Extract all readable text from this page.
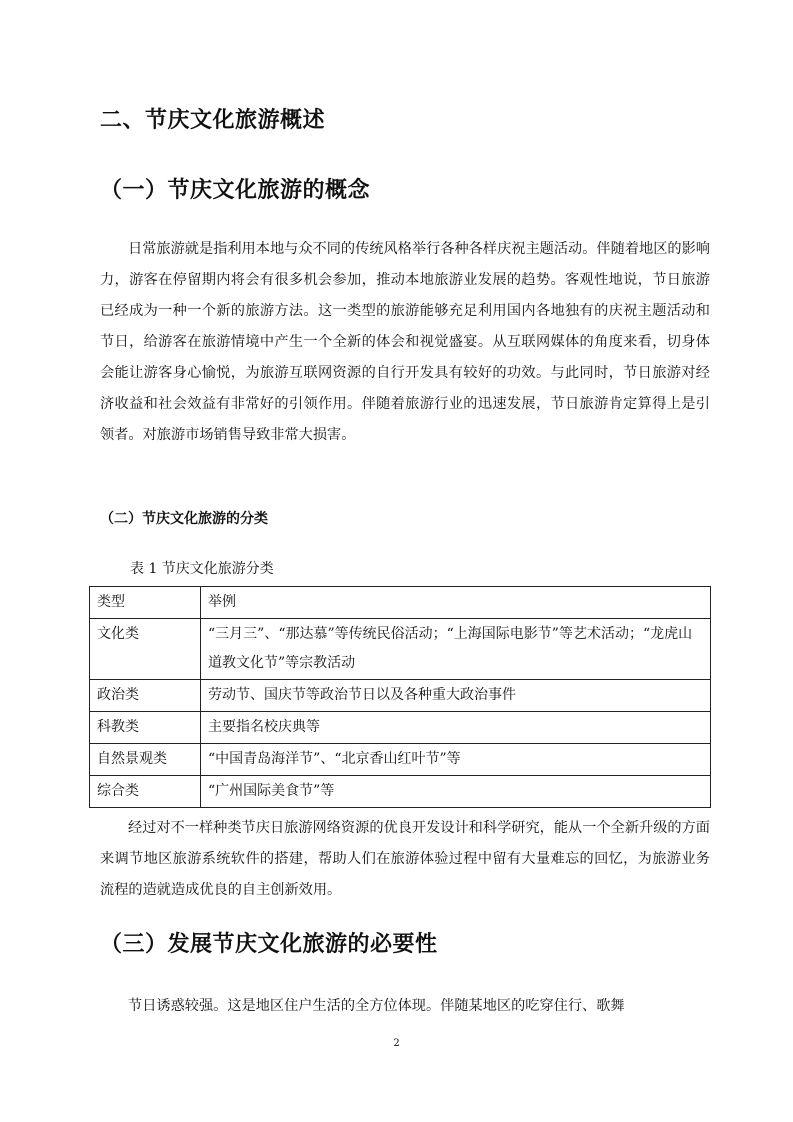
二、节庆文化旅游概述
（一）节庆文化旅游的概念
日常旅游就是指利用本地与众不同的传统风格举行各种各样庆祝主题活动。伴随着地区的影响力，游客在停留期内将会有很多机会参加，推动本地旅游业发展的趋势。客观性地说，节日旅游已经成为一种一个新的旅游方法。这一类型的旅游能够充足利用国内各地独有的庆祝主题活动和节日，给游客在旅游情境中产生一个全新的体会和视觉盛宴。从互联网媒体的角度来看，切身体会能让游客身心愉悦，为旅游互联网资源的自行开发具有较好的功效。与此同时，节日旅游对经济收益和社会效益有非常好的引领作用。伴随着旅游行业的迅速发展，节日旅游肯定算得上是引领者。对旅游市场销售导致非常大损害。
（二）节庆文化旅游的分类
表 1 节庆文化旅游分类
类型	举例
文化类	“三月三”、“那达慕”等传统民俗活动；“上海国际电影节”等艺术活动；“龙虎山道教文化节”等宗教活动
政治类	劳动节、国庆节等政治节日以及各种重大政治事件
科教类	主要指名校庆典等
自然景观类	“中国青岛海洋节”、“北京香山红叶节”等
综合类	“广州国际美食节”等
经过对不一样种类节庆日旅游网络资源的优良开发设计和科学研究，能从一个全新升级的方面来调节地区旅游系统软件的搭建，帮助人们在旅游体验过程中留有大量难忘的回忆，为旅游业务流程的造就造成优良的自主创新效用。
（三）发展节庆文化旅游的必要性
节日诱惑较强。这是地区住户生活的全方位体现。伴随某地区的吃穿住行、歌舞
2
